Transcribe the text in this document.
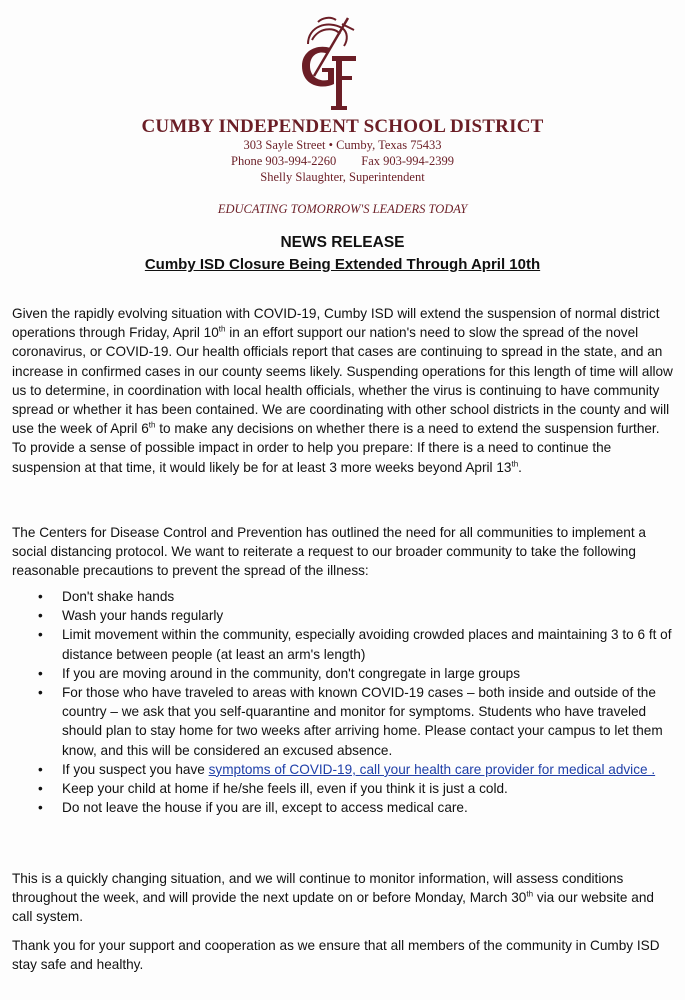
CUMBY INDEPENDENT SCHOOL DISTRICT
303 Sayle Street • Cumby, Texas 75433
Phone 903-994-2260        Fax 903-994-2399
Shelly Slaughter, Superintendent
EDUCATING TOMORROW'S LEADERS TODAY
NEWS RELEASE
Cumby ISD Closure Being Extended Through April 10th

Given the rapidly evolving situation with COVID-19, Cumby ISD will extend the suspension of normal district operations through Friday, April 10th in an effort support our nation's need to slow the spread of the novel coronavirus, or COVID-19. Our health officials report that cases are continuing to spread in the state, and an increase in confirmed cases in our county seems likely. Suspending operations for this length of time will allow us to determine, in coordination with local health officials, whether the virus is continuing to have community spread or whether it has been contained. We are coordinating with other school districts in the county and will use the week of April 6th to make any decisions on whether there is a need to extend the suspension further. To provide a sense of possible impact in order to help you prepare: If there is a need to continue the suspension at that time, it would likely be for at least 3 more weeks beyond April 13th.

The Centers for Disease Control and Prevention has outlined the need for all communities to implement a social distancing protocol. We want to reiterate a request to our broader community to take the following reasonable precautions to prevent the spread of the illness:

• Don't shake hands
• Wash your hands regularly
• Limit movement within the community, especially avoiding crowded places and maintaining 3 to 6 ft of distance between people (at least an arm's length)
• If you are moving around in the community, don't congregate in large groups
• For those who have traveled to areas with known COVID-19 cases – both inside and outside of the country – we ask that you self-quarantine and monitor for symptoms. Students who have traveled should plan to stay home for two weeks after arriving home. Please contact your campus to let them know, and this will be considered an excused absence.
• If you suspect you have symptoms of COVID-19, call your health care provider for medical advice .
• Keep your child at home if he/she feels ill, even if you think it is just a cold.
• Do not leave the house if you are ill, except to access medical care.

This is a quickly changing situation, and we will continue to monitor information, will assess conditions throughout the week, and will provide the next update on or before Monday, March 30th via our website and call system.

Thank you for your support and cooperation as we ensure that all members of the community in Cumby ISD stay safe and healthy.
